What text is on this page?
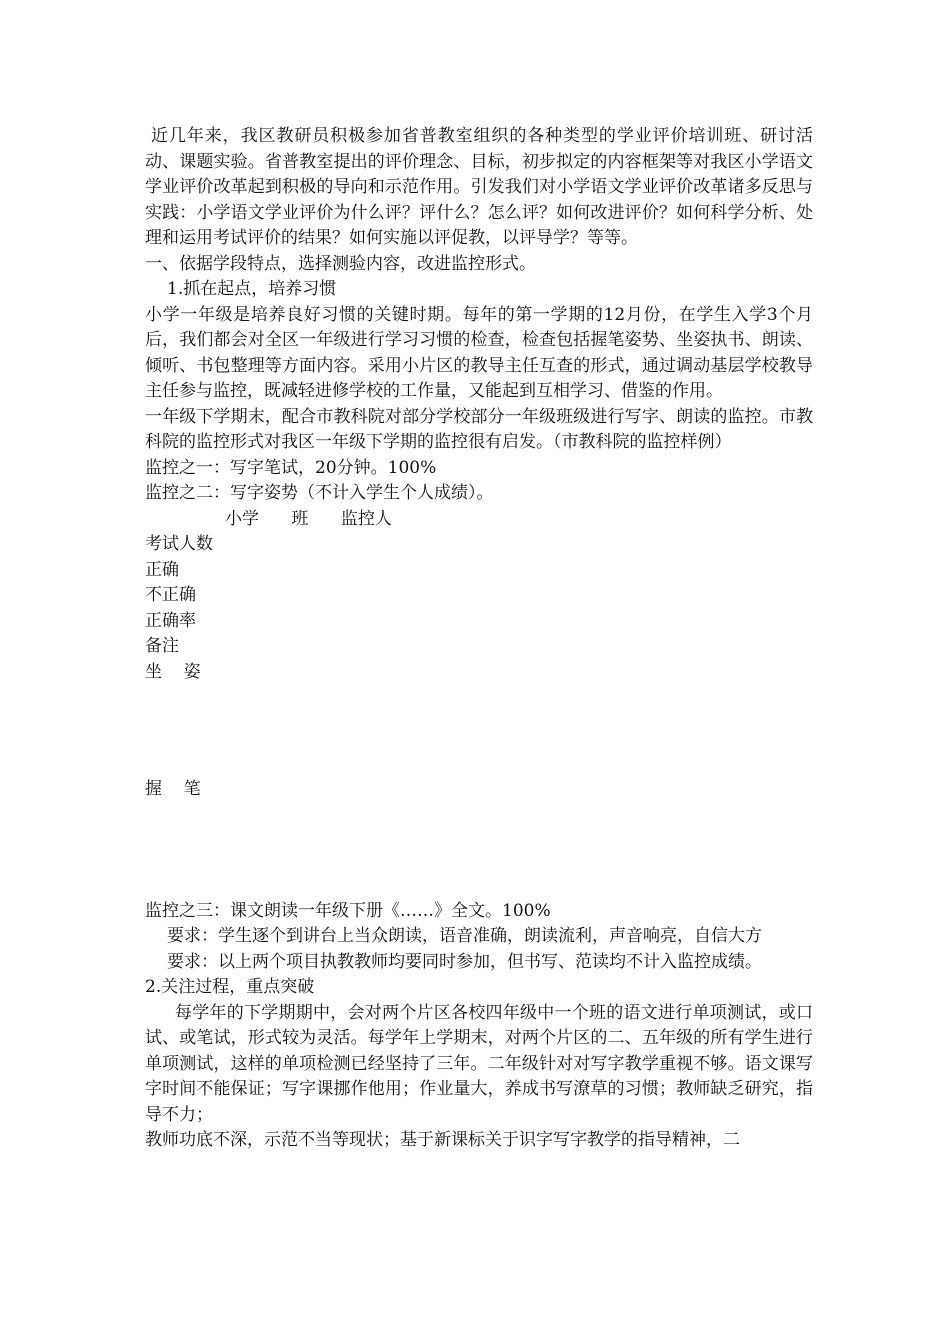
近几年来，我区教研员积极参加省普教室组织的各种类型的学业评价培训班、研讨活动、课题实验。省普教室提出的评价理念、目标，初步拟定的内容框架等对我区小学语文学业评价改革起到积极的导向和示范作用。引发我们对小学语文学业评价改革诸多反思与实践：小学语文学业评价为什么评？评什么？怎么评？如何改进评价？如何科学分析、处理和运用考试评价的结果？如何实施以评促教，以评导学？等等。

一、依据学段特点，选择测验内容，改进监控形式。

1.抓在起点，培养习惯

小学一年级是培养良好习惯的关键时期。每年的第一学期的12月份，在学生入学3个月后，我们都会对全区一年级进行学习习惯的检查，检查包括握笔姿势、坐姿执书、朗读、倾听、书包整理等方面内容。采用小片区的教导主任互查的形式，通过调动基层学校教导主任参与监控，既减轻进修学校的工作量，又能起到互相学习、借鉴的作用。

一年级下学期末，配合市教科院对部分学校部分一年级班级进行写字、朗读的监控。市教科院的监控形式对我区一年级下学期的监控很有启发。（市教科院的监控样例）

监控之一：写字笔试，20分钟。100%

监控之二：写字姿势（不计入学生个人成绩）。

小学      班      监控人

考试人数

正确

不正确

正确率

备注

坐    姿

握    笔

监控之三：课文朗读一年级下册《……》全文。100%

要求：学生逐个到讲台上当众朗读，语音准确，朗读流利，声音响亮，自信大方

要求：以上两个项目执教教师均要同时参加，但书写、范读均不计入监控成绩。

2.关注过程，重点突破

每学年的下学期期中，会对两个片区各校四年级中一个班的语文进行单项测试，或口试、或笔试，形式较为灵活。每学年上学期末，对两个片区的二、五年级的所有学生进行单项测试，这样的单项检测已经坚持了三年。二年级针对对写字教学重视不够。语文课写字时间不能保证；写字课挪作他用；作业量大，养成书写潦草的习惯；教师缺乏研究，指导不力；

教师功底不深，示范不当等现状；基于新课标关于识字写字教学的指导精神，二
